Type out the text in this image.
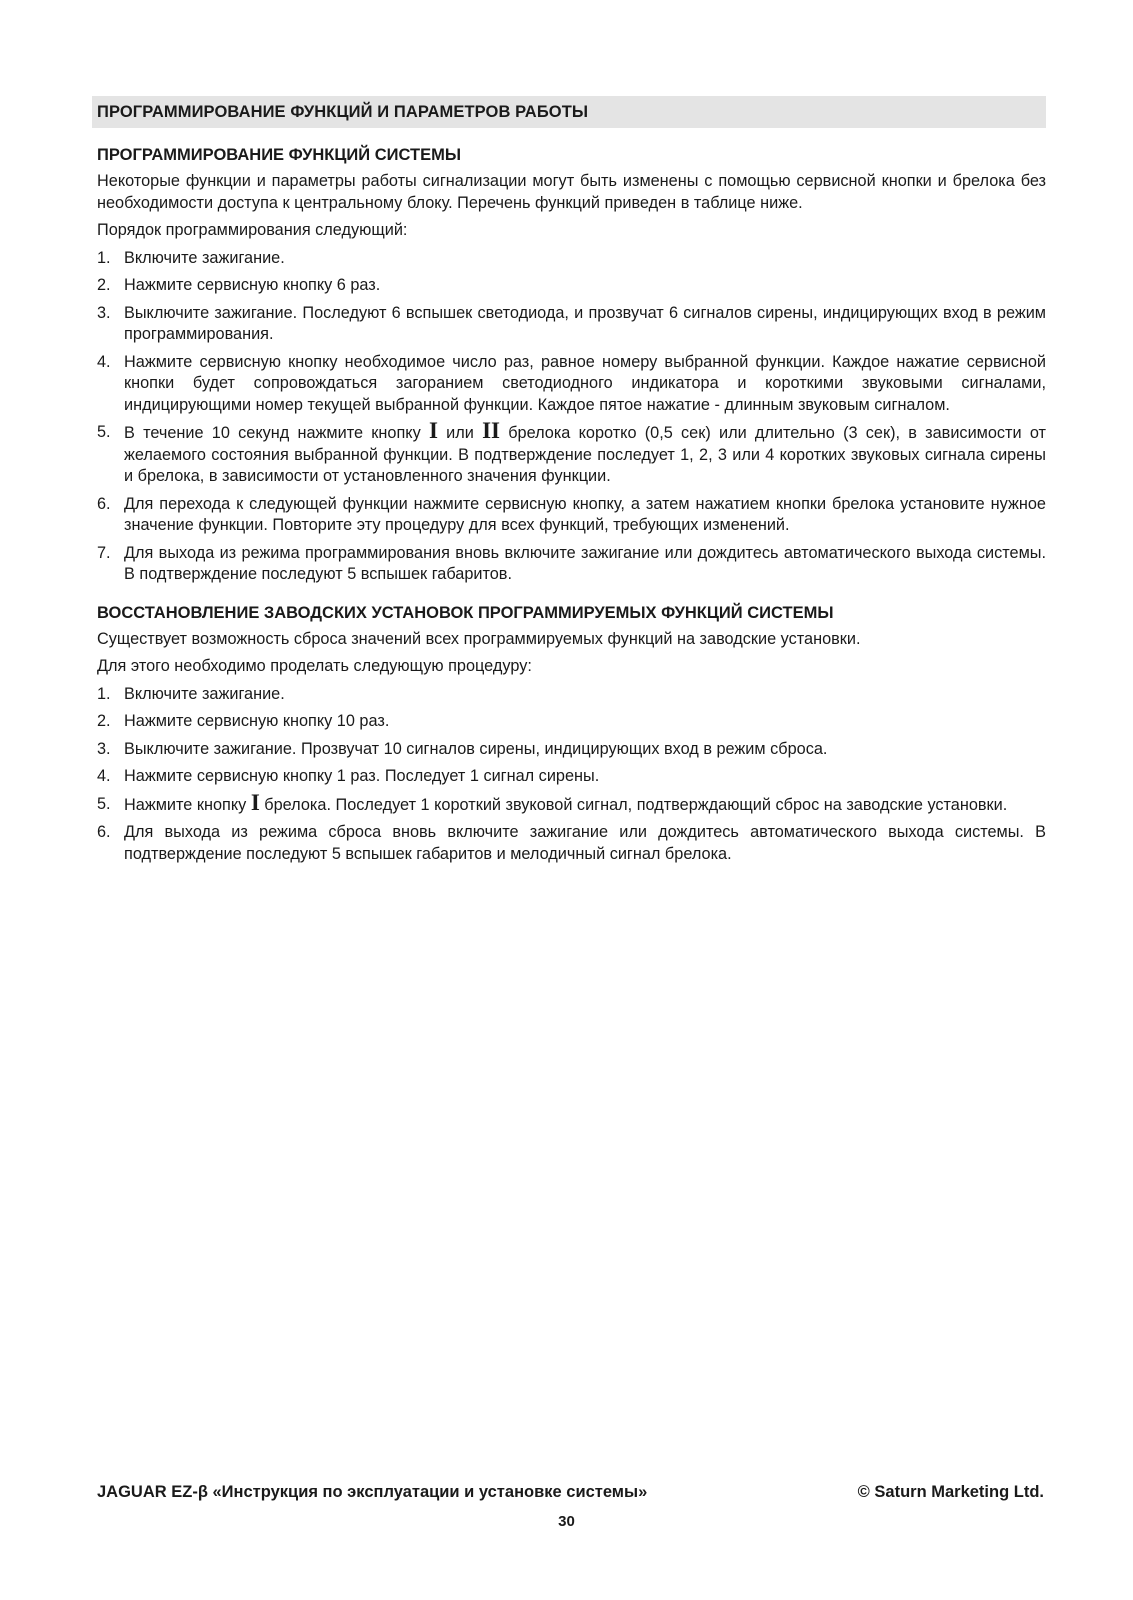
ПРОГРАММИРОВАНИЕ ФУНКЦИЙ И ПАРАМЕТРОВ РАБОТЫ
ПРОГРАММИРОВАНИЕ ФУНКЦИЙ СИСТЕМЫ

Некоторые функции и параметры работы сигнализации могут быть изменены с помощью сервисной кнопки и брелока без необходимости доступа к центральному блоку. Перечень функций приведен в таблице ниже.

Порядок программирования следующий:

1. Включите зажигание.
2. Нажмите сервисную кнопку 6 раз.
3. Выключите зажигание. Последуют 6 вспышек светодиода, и прозвучат 6 сигналов сирены, индицирующих вход в режим программирования.
4. Нажмите сервисную кнопку необходимое число раз, равное номеру выбранной функции. Каждое нажатие сервисной кнопки будет сопровождаться загоранием светодиодного индикатора и короткими звуковыми сигналами, индицирующими номер текущей выбранной функции. Каждое пятое нажатие - длинным звуковым сигналом.
5. В течение 10 секунд нажмите кнопку I или II брелока коротко (0,5 сек) или длительно (3 сек), в зависимости от желаемого состояния выбранной функции. В подтверждение последует 1, 2, 3 или 4 коротких звуковых сигнала сирены и брелока, в зависимости от установленного значения функции.
6. Для перехода к следующей функции нажмите сервисную кнопку, а затем нажатием кнопки брелока установите нужное значение функции. Повторите эту процедуру для всех функций, требующих изменений.
7. Для выхода из режима программирования вновь включите зажигание или дождитесь автоматического выхода системы. В подтверждение последуют 5 вспышек габаритов.
ВОССТАНОВЛЕНИЕ ЗАВОДСКИХ УСТАНОВОК ПРОГРАММИРУЕМЫХ ФУНКЦИЙ СИСТЕМЫ

Существует возможность сброса значений всех программируемых функций на заводские установки.

Для этого необходимо проделать следующую процедуру:

1. Включите зажигание.
2. Нажмите сервисную кнопку 10 раз.
3. Выключите зажигание. Прозвучат 10 сигналов сирены, индицирующих вход в режим сброса.
4. Нажмите сервисную кнопку 1 раз. Последует 1 сигнал сирены.
5. Нажмите кнопку I брелока. Последует 1 короткий звуковой сигнал, подтверждающий сброс на заводские установки.
6. Для выхода из режима сброса вновь включите зажигание или дождитесь автоматического выхода системы. В подтверждение последуют 5 вспышек габаритов и мелодичный сигнал брелока.
JAGUAR EZ-β «Инструкция по эксплуатации и установке системы»	© Saturn Marketing Ltd.
30
